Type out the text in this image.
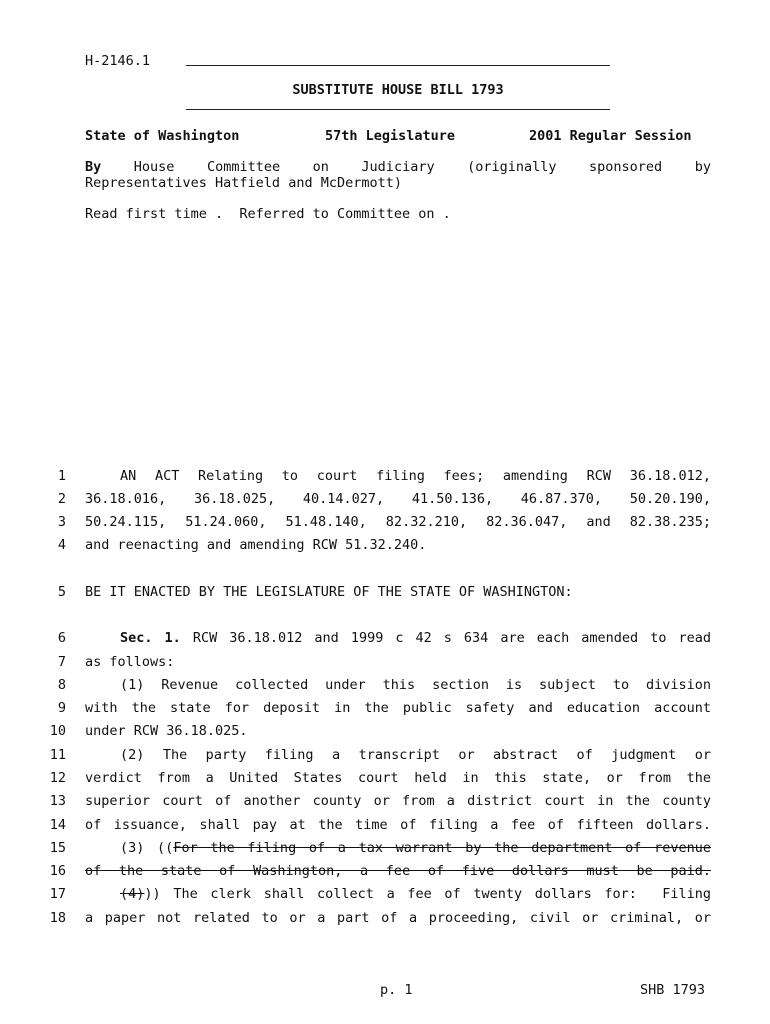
H-2146.1
SUBSTITUTE HOUSE BILL 1793
State of Washington	57th Legislature	2001 Regular Session
By House Committee on Judiciary (originally sponsored by
Representatives Hatfield and McDermott)
Read first time .  Referred to Committee on .
1	AN ACT Relating to court filing fees; amending RCW 36.18.012,
2 36.18.016, 36.18.025, 40.14.027, 41.50.136, 46.87.370, 50.20.190,
3 50.24.115, 51.24.060, 51.48.140, 82.32.210, 82.36.047, and 82.38.235;
4 and reenacting and amending RCW 51.32.240.
5 BE IT ENACTED BY THE LEGISLATURE OF THE STATE OF WASHINGTON:
6	Sec. 1. RCW 36.18.012 and 1999 c 42 s 634 are each amended to read
7 as follows:
8	(1) Revenue collected under this section is subject to division
9 with the state for deposit in the public safety and education account
10 under RCW 36.18.025.
11	(2) The party filing a transcript or abstract of judgment or
12 verdict from a United States court held in this state, or from the
13 superior court of another county or from a district court in the county
14 of issuance, shall pay at the time of filing a fee of fifteen dollars.
15	(3) ((For the filing of a tax warrant by the department of revenue
16 of the state of Washington, a fee of five dollars must be paid.
17	(4))) The clerk shall collect a fee of twenty dollars for:  Filing
18 a paper not related to or a part of a proceeding, civil or criminal, or
p. 1	SHB 1793
